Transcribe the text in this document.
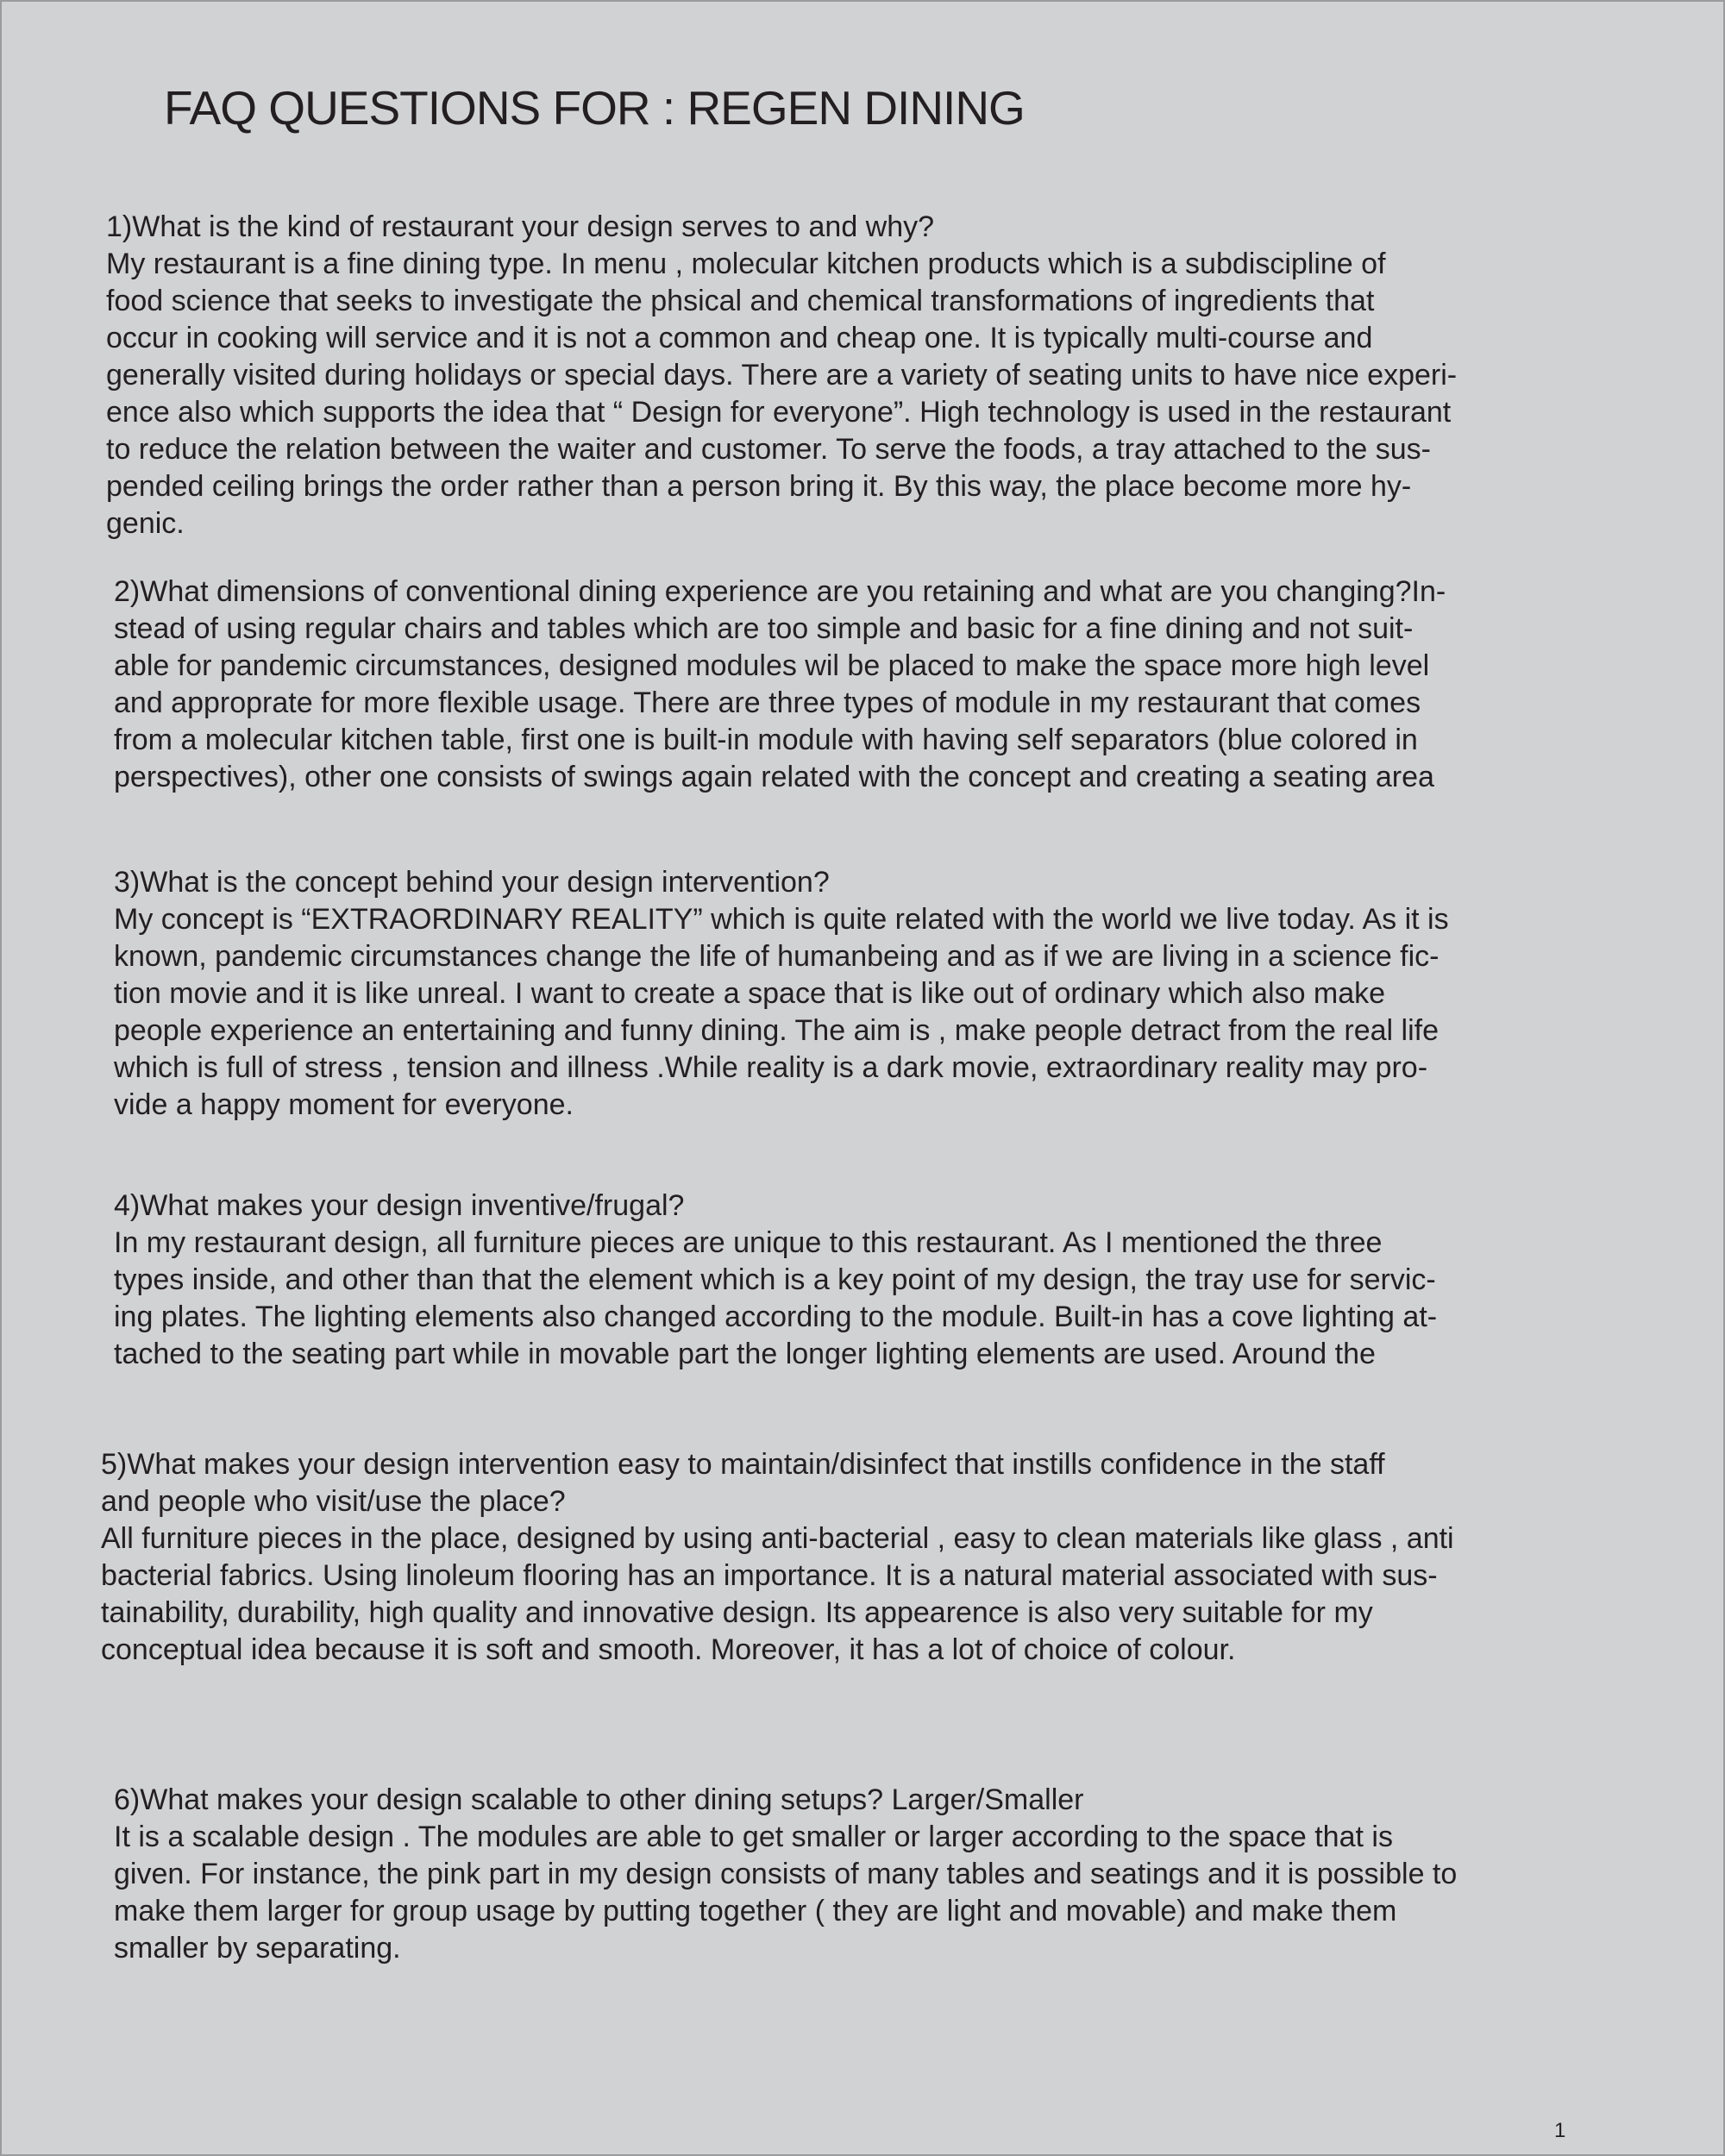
FAQ QUESTIONS FOR : REGEN DINING

1)What is the kind of restaurant your design serves to and why?

My restaurant is a fine dining type. In menu , molecular kitchen products which is a subdiscipline of
food science that seeks to investigate the phsical and chemical transformations of ingredients that
occur in cooking will service and it is not a common and cheap one. It is typically multi-course and
generally visited during holidays or special days. There are a variety of seating units to have nice experi-
ence also which supports the idea that “ Design for everyone”. High technology is used in the restaurant
to reduce the relation between the waiter and customer. To serve the foods, a tray attached to the sus-
pended ceiling brings the order rather than a person bring it. By this way, the place become more hy-
genic.

2)What dimensions of conventional dining experience are you retaining and what are you changing?In-

stead of using regular chairs and tables which are too simple and basic for a fine dining and not suit-
able for pandemic circumstances, designed modules wil be placed to make the space more high level
and approprate for more flexible usage. There are three types of module in my restaurant that comes
from a molecular kitchen table, first one is built-in module with having self separators (blue colored in
perspectives), other one consists of swings again related with the concept and creating a seating area

3)What is the concept behind your design intervention?

My concept is “EXTRAORDINARY REALITY” which is quite related with the world we live today. As it is
known, pandemic circumstances change the life of humanbeing and as if we are living in a science fic-
tion movie and it is like unreal. I want to create a space that is like out of ordinary which also make
people experience an entertaining and funny dining. The aim is , make people detract from the real life
which is full of stress , tension and illness .While reality is a dark movie, extraordinary reality may pro-
vide a happy moment for everyone.

4)What makes your design inventive/frugal?

In my restaurant design, all furniture pieces are unique to this restaurant. As I mentioned the three
types inside, and other than that the element which is a key point of my design, the tray use for servic-
ing plates. The lighting elements also changed according to the module. Built-in has a cove lighting at-
tached to the seating part while in movable part the longer lighting elements are used. Around the

5)What makes your design intervention easy to maintain/disinfect that instills confidence in the staff
and people who visit/use the place?

All furniture pieces in the place, designed by using anti-bacterial , easy to clean materials like glass , anti
bacterial fabrics. Using linoleum flooring has an importance. It is a natural material associated with sus-
tainability, durability, high quality and innovative design. Its appearence is also very suitable for my
conceptual idea because it is soft and smooth. Moreover, it has a lot of choice of colour.

6)What makes your design scalable to other dining setups? Larger/Smaller

It is a scalable design . The modules are able to get smaller or larger according to the space that is
given. For instance, the pink part in my design consists of many tables and seatings and it is possible to
make them larger for group usage by putting together ( they are light and movable) and make them
smaller by separating.

1
